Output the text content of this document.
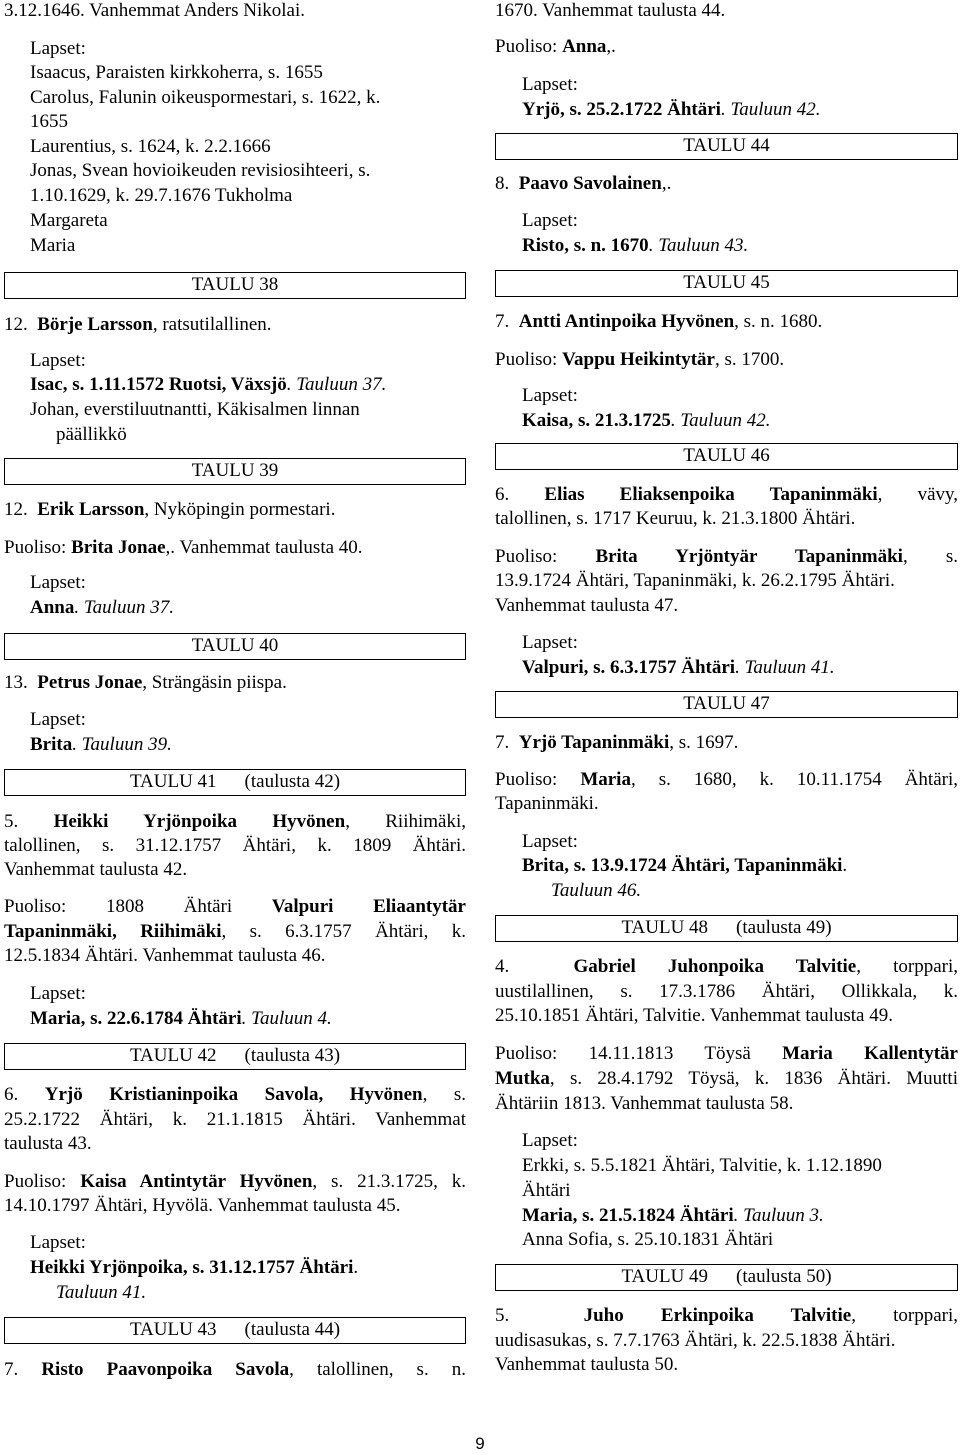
3.12.1646. Vanhemmat Anders Nikolai.
Lapset:
Isaacus, Paraisten kirkkoherra, s. 1655
Carolus, Falunin oikeuspormestari, s. 1622, k.
1655
Laurentius, s. 1624, k. 2.2.1666
Jonas, Svean hovioikeuden revisiosihteeri, s.
1.10.1629, k. 29.7.1676 Tukholma
Margareta
Maria
TAULU 38
12. Börje Larsson, ratsutilallinen.
Lapset:
Isac, s. 1.11.1572 Ruotsi, Växsjö. Tauluun 37.
Johan, everstiluutnantti, Käkisalmen linnan
päällikkö
TAULU 39
12. Erik Larsson, Nyköpingin pormestari.
Puoliso: Brita Jonae,. Vanhemmat taulusta 40.
Lapset:
Anna. Tauluun 37.
TAULU 40
13. Petrus Jonae, Strängäsin piispa.
Lapset:
Brita. Tauluun 39.
TAULU 41 (taulusta 42)
5. Heikki Yrjönpoika Hyvönen, Riihimäki,
talollinen, s. 31.12.1757 Ähtäri, k. 1809 Ähtäri.
Vanhemmat taulusta 42.
Puoliso: 1808 Ähtäri Valpuri Eliaantytär
Tapaninmäki, Riihimäki, s. 6.3.1757 Ähtäri, k.
12.5.1834 Ähtäri. Vanhemmat taulusta 46.
Lapset:
Maria, s. 22.6.1784 Ähtäri. Tauluun 4.
TAULU 42 (taulusta 43)
6. Yrjö Kristianinpoika Savola, Hyvönen, s.
25.2.1722 Ähtäri, k. 21.1.1815 Ähtäri. Vanhemmat
taulusta 43.
Puoliso: Kaisa Antintytär Hyvönen, s. 21.3.1725, k.
14.10.1797 Ähtäri, Hyvölä. Vanhemmat taulusta 45.
Lapset:
Heikki Yrjönpoika, s. 31.12.1757 Ähtäri.
Tauluun 41.
TAULU 43 (taulusta 44)
7. Risto Paavonpoika Savola, talollinen, s. n.
1670. Vanhemmat taulusta 44.
Puoliso: Anna,.
Lapset:
Yrjö, s. 25.2.1722 Ähtäri. Tauluun 42.
TAULU 44
8. Paavo Savolainen,.
Lapset:
Risto, s. n. 1670. Tauluun 43.
TAULU 45
7. Antti Antinpoika Hyvönen, s. n. 1680.
Puoliso: Vappu Heikintytär, s. 1700.
Lapset:
Kaisa, s. 21.3.1725. Tauluun 42.
TAULU 46
6. Elias Eliaksenpoika Tapaninmäki, vävy,
talollinen, s. 1717 Keuruu, k. 21.3.1800 Ähtäri.
Puoliso: Brita Yrjöntyär Tapaninmäki, s.
13.9.1724 Ähtäri, Tapaninmäki, k. 26.2.1795 Ähtäri.
Vanhemmat taulusta 47.
Lapset:
Valpuri, s. 6.3.1757 Ähtäri. Tauluun 41.
TAULU 47
7. Yrjö Tapaninmäki, s. 1697.
Puoliso: Maria, s. 1680, k. 10.11.1754 Ähtäri,
Tapaninmäki.
Lapset:
Brita, s. 13.9.1724 Ähtäri, Tapaninmäki.
Tauluun 46.
TAULU 48 (taulusta 49)
4.	Gabriel Juhonpoika Talvitie, torppari,
uustilallinen, s. 17.3.1786 Ähtäri, Ollikkala, k.
25.10.1851 Ähtäri, Talvitie. Vanhemmat taulusta 49.
Puoliso: 14.11.1813 Töysä Maria Kallentytär
Mutka, s. 28.4.1792 Töysä, k. 1836 Ähtäri. Muutti
Ähtäriin 1813. Vanhemmat taulusta 58.
Lapset:
Erkki, s. 5.5.1821 Ähtäri, Talvitie, k. 1.12.1890
Ähtäri
Maria, s. 21.5.1824 Ähtäri. Tauluun 3.
Anna Sofia, s. 25.10.1831 Ähtäri
TAULU 49 (taulusta 50)
5.	Juho Erkinpoika Talvitie, torppari,
uudisasukas, s. 7.7.1763 Ähtäri, k. 22.5.1838 Ähtäri.
Vanhemmat taulusta 50.
9
